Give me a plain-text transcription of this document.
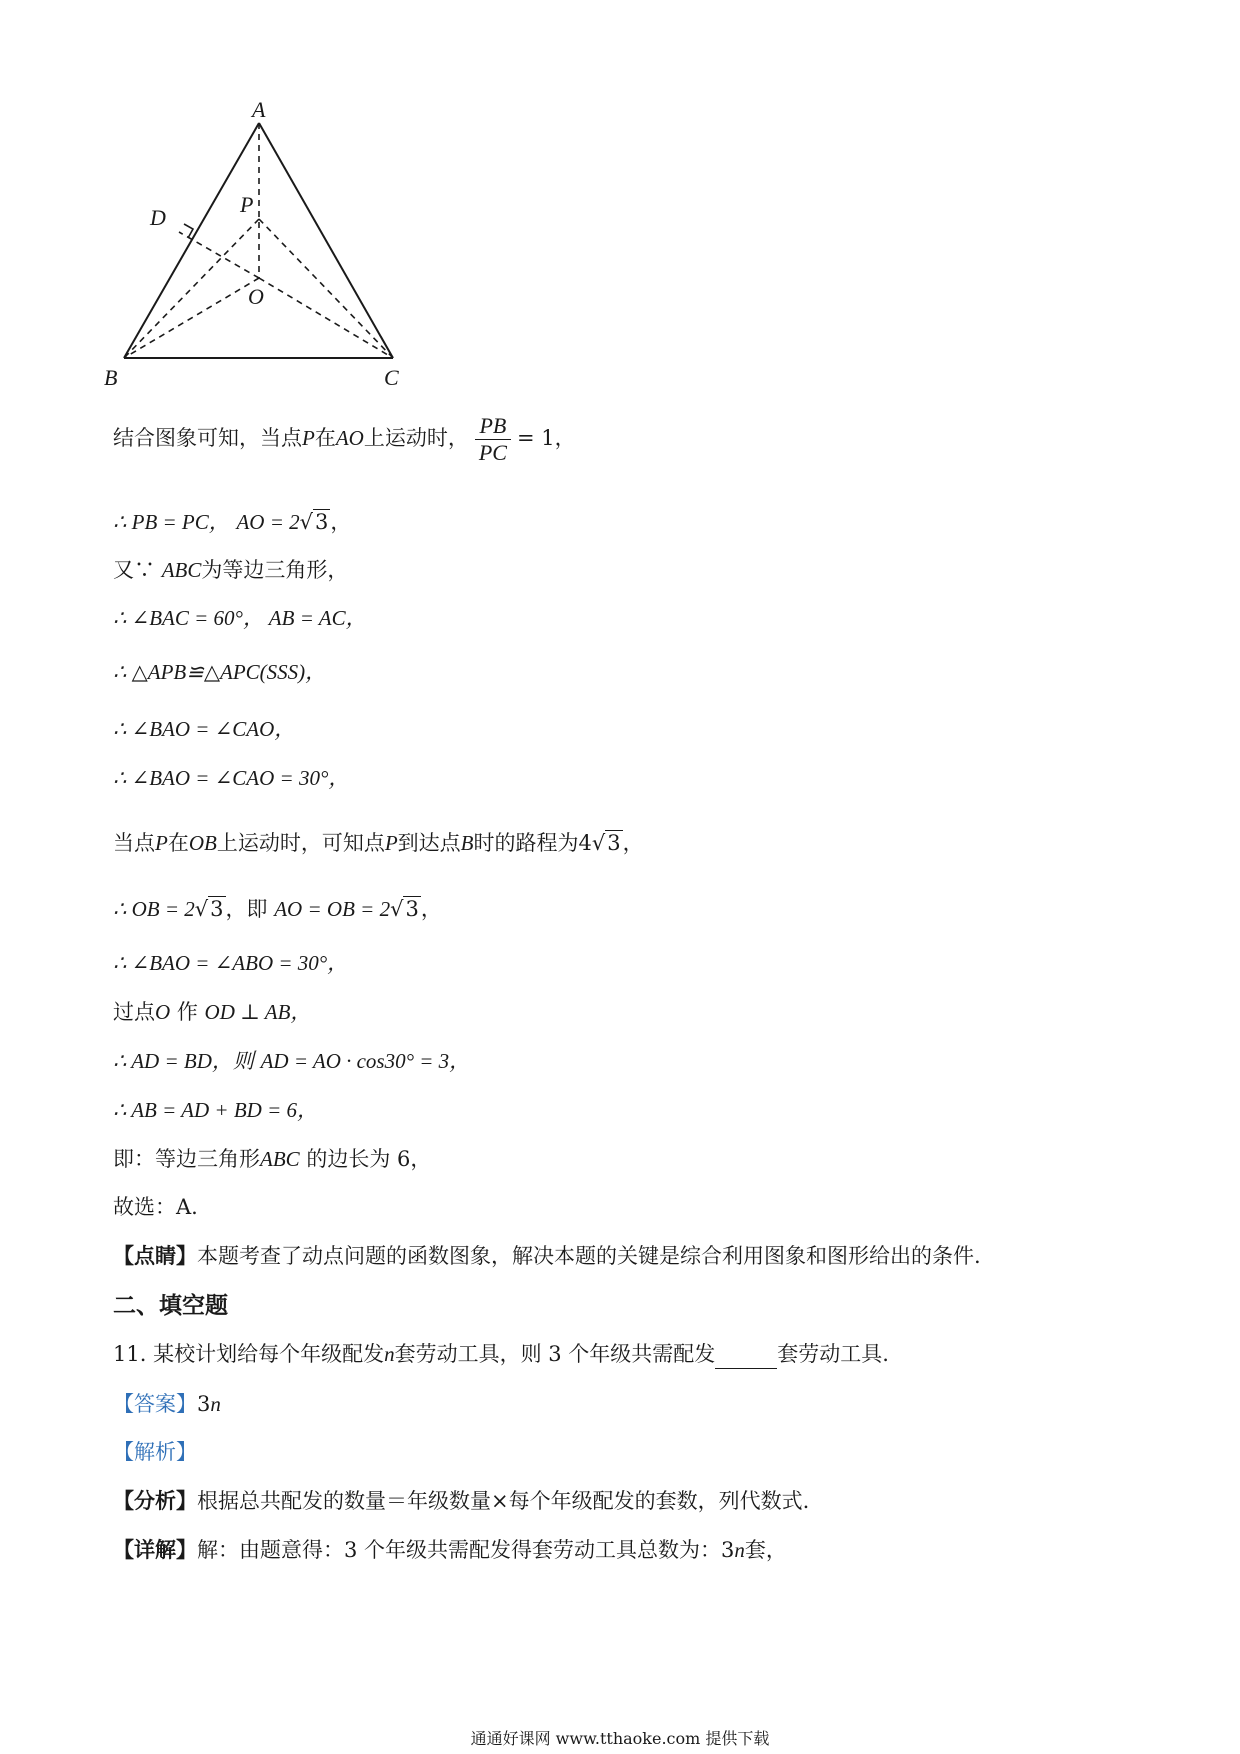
A
B	C
D
P
O
结合图象可知，当点P在AO上运动时， $\frac{PB}{PC} = 1$，
∴ PB = PC， AO = 2√3，
又∵ ABC为等边三角形，
∴ ∠BAC = 60°， AB = AC，
∴ △APB≌△APC(SSS)，
∴ ∠BAO = ∠CAO，
∴ ∠BAO = ∠CAO = 30°，
当点P在OB上运动时，可知点P到达点B时的路程为4√3，
∴ OB = 2√3，即 AO = OB = 2√3，
∴ ∠BAO = ∠ABO = 30°，
过点O 作 OD ⊥ AB，
∴ AD = BD，则 AD = AO · cos30° = 3，
∴ AB = AD + BD = 6，
即：等边三角形ABC 的边长为 6，
故选：A.
【点睛】本题考查了动点问题的函数图象，解决本题的关键是综合利用图象和图形给出的条件.
二、填空题
11. 某校计划给每个年级配发n套劳动工具，则 3 个年级共需配发	套劳动工具.
【答案】3n
【解析】
【分析】根据总共配发的数量＝年级数量×每个年级配发的套数，列代数式.
【详解】解：由题意得：3 个年级共需配发得套劳动工具总数为：3n套，
通通好课网 www.tthaoke.com 提供下载
